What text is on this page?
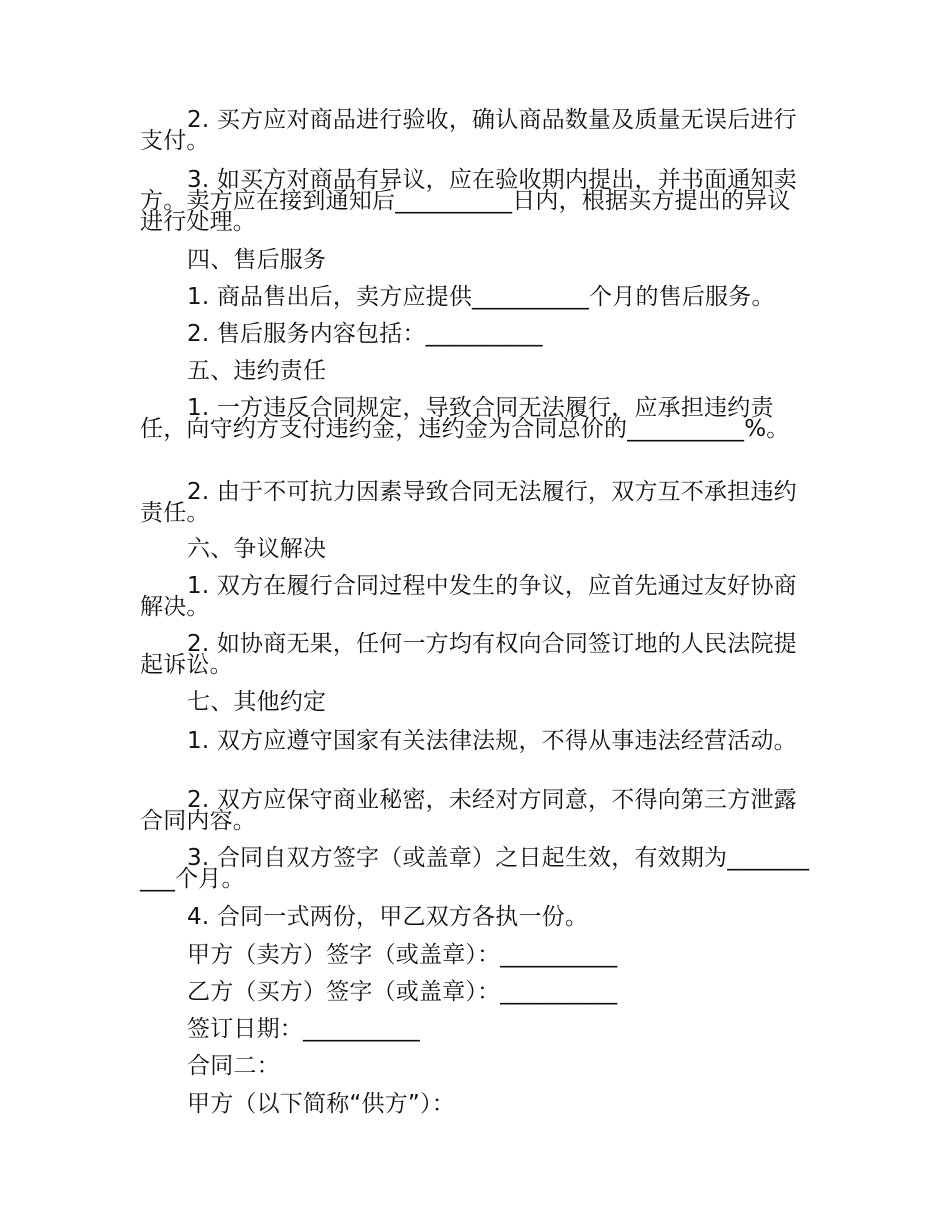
2. 买方应对商品进行验收，确认商品数量及质量无误后进行支付。
3. 如买方对商品有异议，应在验收期内提出，并书面通知卖方。卖方应在接到通知后__________日内，根据买方提出的异议进行处理。
四、售后服务
1. 商品售出后，卖方应提供__________个月的售后服务。
2. 售后服务内容包括：__________
五、违约责任
1. 一方违反合同规定，导致合同无法履行，应承担违约责任，向守约方支付违约金，违约金为合同总价的__________%。
2. 由于不可抗力因素导致合同无法履行，双方互不承担违约责任。
六、争议解决
1. 双方在履行合同过程中发生的争议，应首先通过友好协商解决。
2. 如协商无果，任何一方均有权向合同签订地的人民法院提起诉讼。
七、其他约定
1. 双方应遵守国家有关法律法规，不得从事违法经营活动。
2. 双方应保守商业秘密，未经对方同意，不得向第三方泄露合同内容。
3. 合同自双方签字（或盖章）之日起生效，有效期为__________个月。
4. 合同一式两份，甲乙双方各执一份。
甲方（卖方）签字（或盖章）：__________
乙方（买方）签字（或盖章）：__________
签订日期：__________
合同二：
甲方（以下简称“供方”）：
